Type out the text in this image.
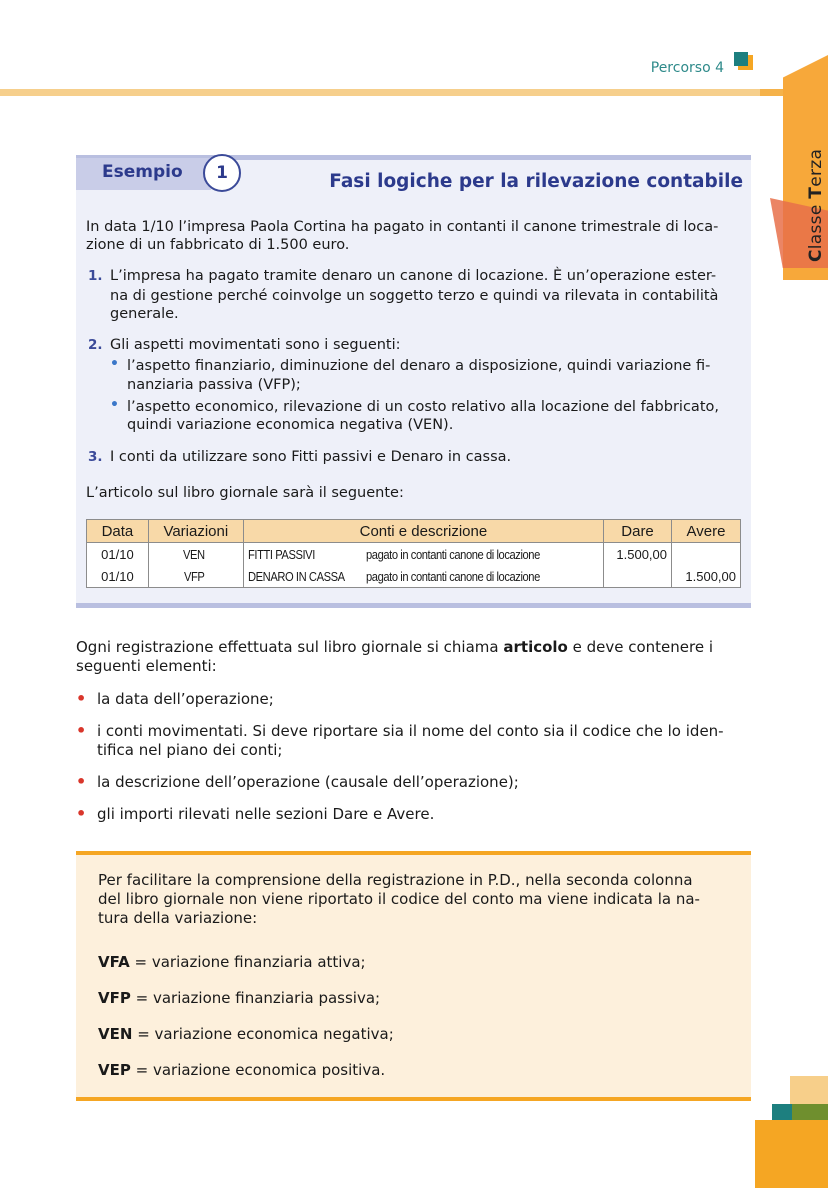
Percorso 4
Classe Terza
Esempio	1	Fasi logiche per la rilevazione contabile
In data 1/10 l’impresa Paola Cortina ha pagato in contanti il canone trimestrale di loca-
zione di un fabbricato di 1.500 euro.
1. L’impresa ha pagato tramite denaro un canone di locazione. È un’operazione ester-
na di gestione perché coinvolge un soggetto terzo e quindi va rilevata in contabilità
generale.
2. Gli aspetti movimentati sono i seguenti:
• l’aspetto finanziario, diminuzione del denaro a disposizione, quindi variazione fi-
nanziaria passiva (VFP);
• l’aspetto economico, rilevazione di un costo relativo alla locazione del fabbricato,
quindi variazione economica negativa (VEN).
3. I conti da utilizzare sono Fitti passivi e Denaro in cassa.
L’articolo sul libro giornale sarà il seguente:
Data	Variazioni	Conti e descrizione	Dare	Avere
01/10	VEN	FITTI PASSIVI pagato in contanti canone di locazione	1.500,00	
01/10	VFP	DENARO IN CASSA pagato in contanti canone di locazione		1.500,00
Ogni registrazione effettuata sul libro giornale si chiama articolo e deve contenere i
seguenti elementi:
• la data dell’operazione;
• i conti movimentati. Si deve riportare sia il nome del conto sia il codice che lo iden-
tifica nel piano dei conti;
• la descrizione dell’operazione (causale dell’operazione);
• gli importi rilevati nelle sezioni Dare e Avere.
Per facilitare la comprensione della registrazione in P.D., nella seconda colonna
del libro giornale non viene riportato il codice del conto ma viene indicata la na-
tura della variazione:
VFA = variazione finanziaria attiva;
VFP = variazione finanziaria passiva;
VEN = variazione economica negativa;
VEP = variazione economica positiva.
